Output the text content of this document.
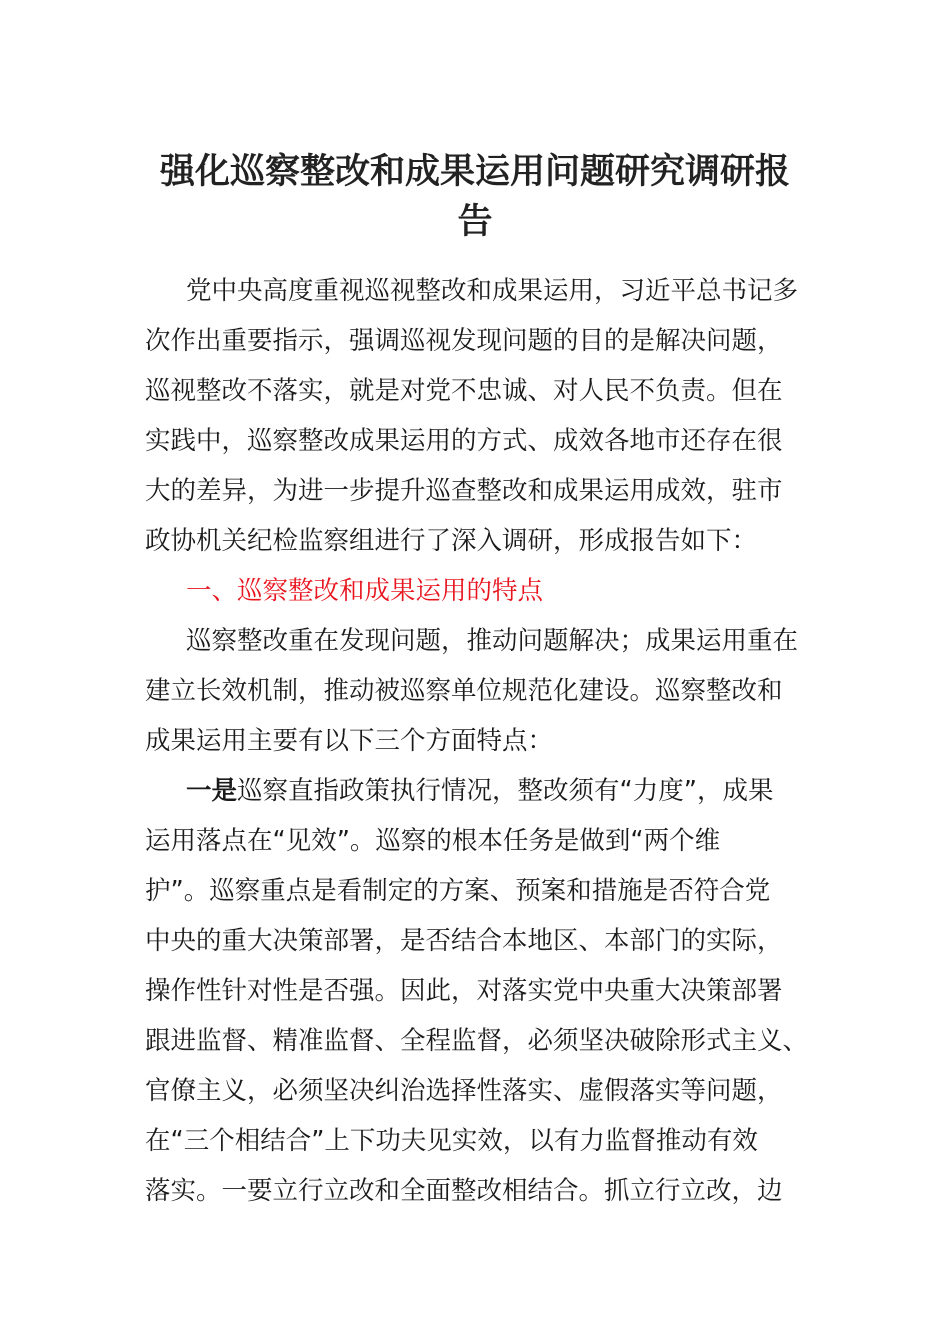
强化巡察整改和成果运用问题研究调研报
告
党中央高度重视巡视整改和成果运用，习近平总书记多
次作出重要指示，强调巡视发现问题的目的是解决问题，
巡视整改不落实，就是对党不忠诚、对人民不负责。但在
实践中，巡察整改成果运用的方式、成效各地市还存在很
大的差异，为进一步提升巡查整改和成果运用成效，驻市
政协机关纪检监察组进行了深入调研，形成报告如下：
一、巡察整改和成果运用的特点
巡察整改重在发现问题，推动问题解决；成果运用重在
建立长效机制，推动被巡察单位规范化建设。巡察整改和
成果运用主要有以下三个方面特点：
一是巡察直指政策执行情况，整改须有“力度”，成果
运用落点在“见效”。巡察的根本任务是做到“两个维
护”。巡察重点是看制定的方案、预案和措施是否符合党
中央的重大决策部署，是否结合本地区、本部门的实际，
操作性针对性是否强。因此，对落实党中央重大决策部署
跟进监督、精准监督、全程监督，必须坚决破除形式主义、
官僚主义，必须坚决纠治选择性落实、虚假落实等问题，
在“三个相结合”上下功夫见实效，以有力监督推动有效
落实。一要立行立改和全面整改相结合。抓立行立改，边
